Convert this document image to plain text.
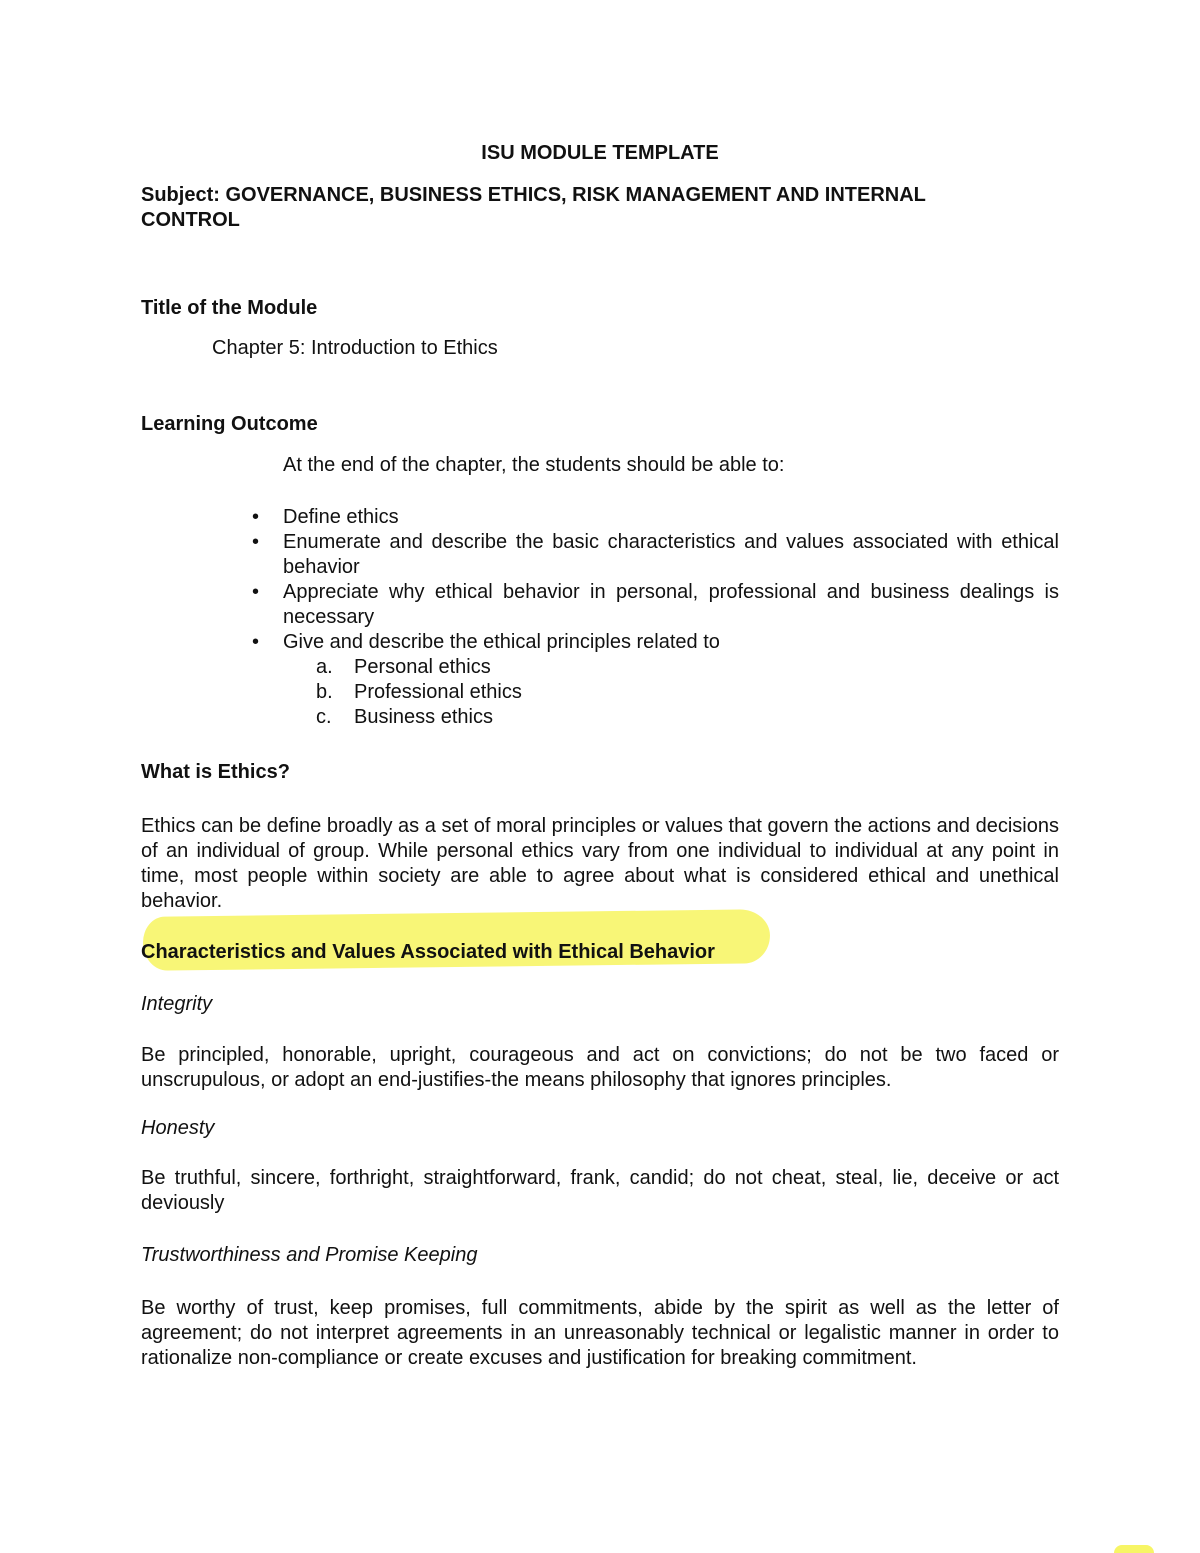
ISU MODULE TEMPLATE

Subject: GOVERNANCE, BUSINESS ETHICS, RISK MANAGEMENT AND INTERNAL CONTROL

Title of the Module

Chapter 5: Introduction to Ethics

Learning Outcome

At the end of the chapter, the students should be able to:

• Define ethics
• Enumerate and describe the basic characteristics and values associated with ethical behavior
• Appreciate why ethical behavior in personal, professional and business dealings is necessary
• Give and describe the ethical principles related to
a. Personal ethics
b. Professional ethics
c. Business ethics

What is Ethics?

Ethics can be define broadly as a set of moral principles or values that govern the actions and decisions of an individual of group. While personal ethics vary from one individual to individual at any point in time, most people within society are able to agree about what is considered ethical and unethical behavior.

Characteristics and Values Associated with Ethical Behavior

Integrity

Be principled, honorable, upright, courageous and act on convictions; do not be two faced or unscrupulous, or adopt an end-justifies-the means philosophy that ignores principles.

Honesty

Be truthful, sincere, forthright, straightforward, frank, candid; do not cheat, steal, lie, deceive or act deviously

Trustworthiness and Promise Keeping

Be worthy of trust, keep promises, full commitments, abide by the spirit as well as the letter of agreement; do not interpret agreements in an unreasonably technical or legalistic manner in order to rationalize non-compliance or create excuses and justification for breaking commitment.
